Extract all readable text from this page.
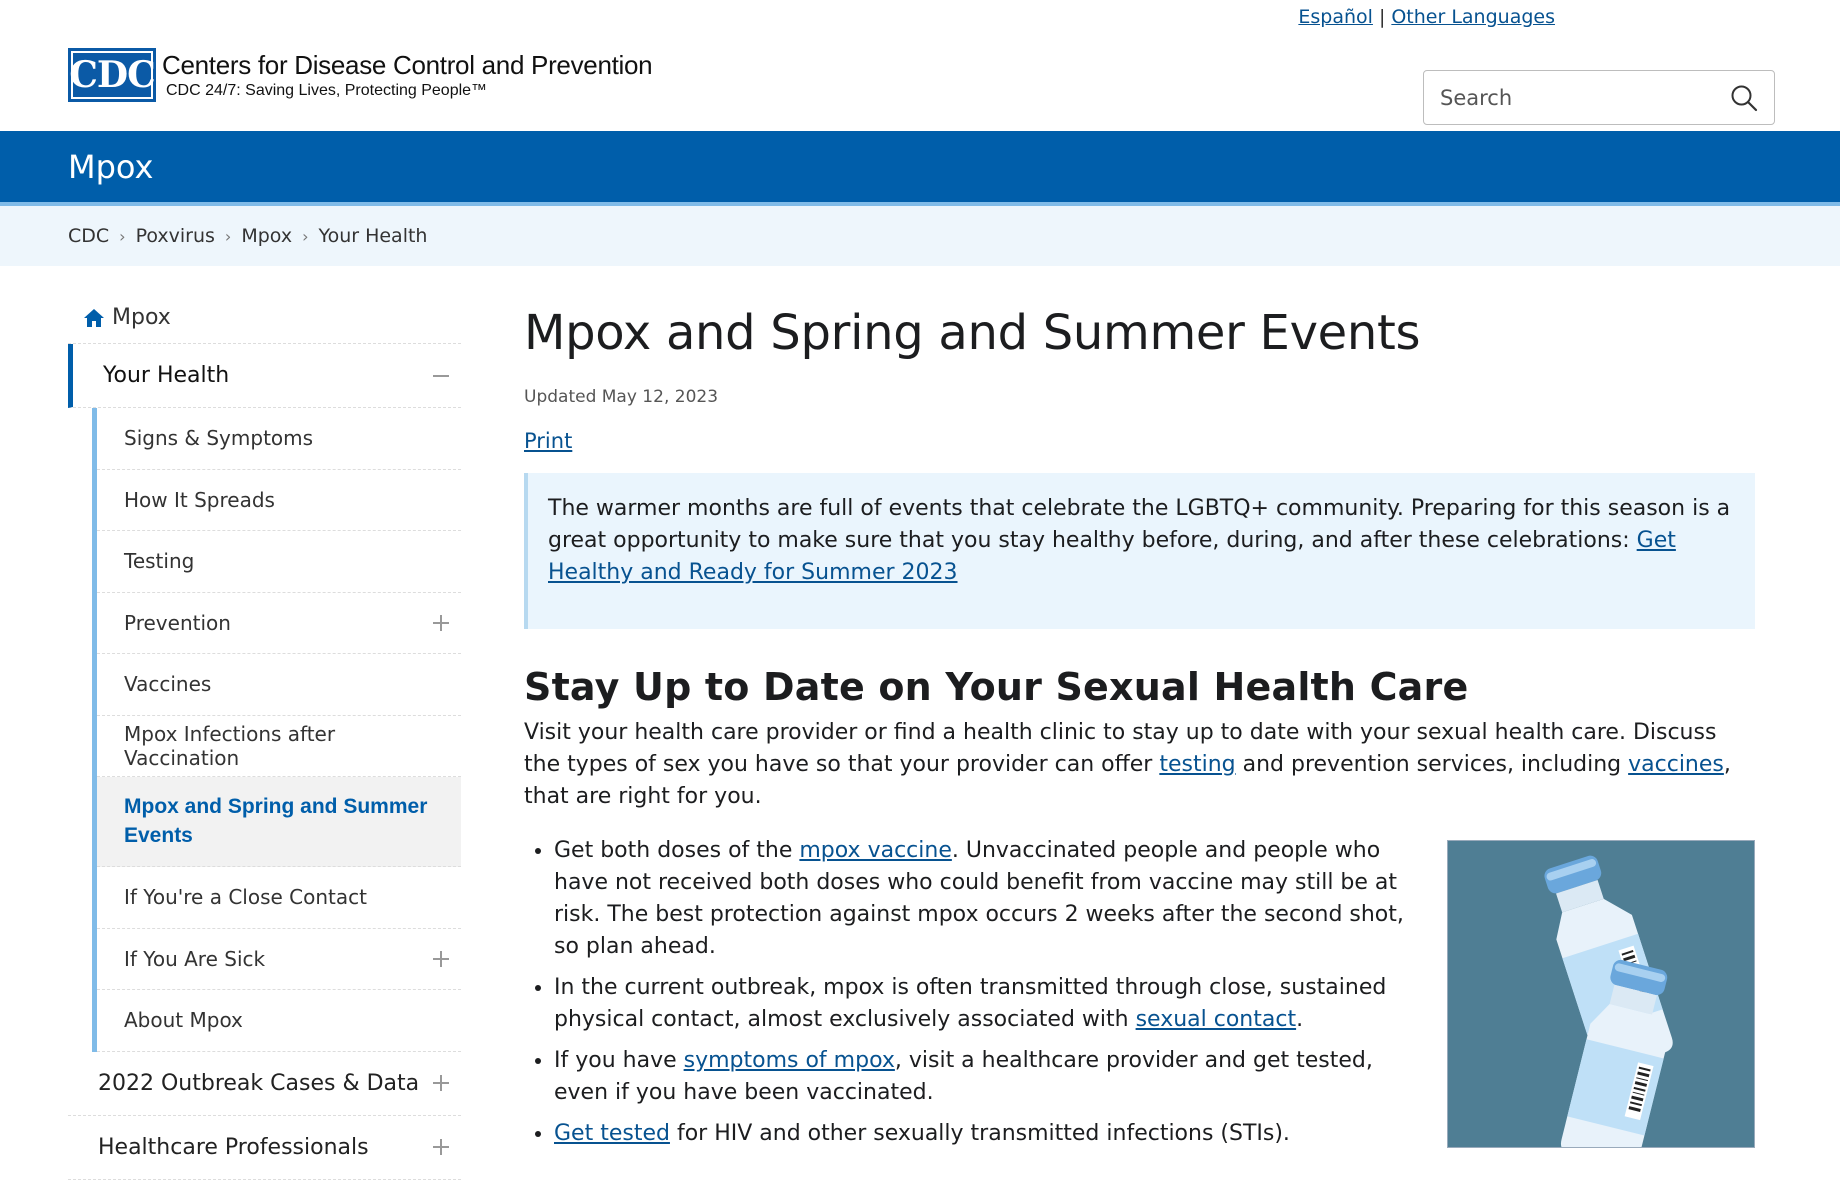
Español | Other Languages
CDC Centers for Disease Control and Prevention
CDC 24/7: Saving Lives, Protecting People™
Search
Mpox
CDC › Poxvirus › Mpox › Your Health
Mpox
Your Health
Signs & Symptoms
How It Spreads
Testing
Prevention
Vaccines
Mpox Infections after Vaccination
Mpox and Spring and Summer Events
If You're a Close Contact
If You Are Sick
About Mpox
2022 Outbreak Cases & Data
Healthcare Professionals
Mpox and Spring and Summer Events
Updated May 12, 2023
Print
The warmer months are full of events that celebrate the LGBTQ+ community. Preparing for this season is a great opportunity to make sure that you stay healthy before, during, and after these celebrations: Get Healthy and Ready for Summer 2023
Stay Up to Date on Your Sexual Health Care

Visit your health care provider or find a health clinic to stay up to date with your sexual health care. Discuss the types of sex you have so that your provider can offer testing and prevention services, including vaccines, that are right for you.

• Get both doses of the mpox vaccine. Unvaccinated people and people who have not received both doses who could benefit from vaccine may still be at risk. The best protection against mpox occurs 2 weeks after the second shot, so plan ahead.
• In the current outbreak, mpox is often transmitted through close, sustained physical contact, almost exclusively associated with sexual contact.
• If you have symptoms of mpox, visit a healthcare provider and get tested, even if you have been vaccinated.
• Get tested for HIV and other sexually transmitted infections (STIs).
